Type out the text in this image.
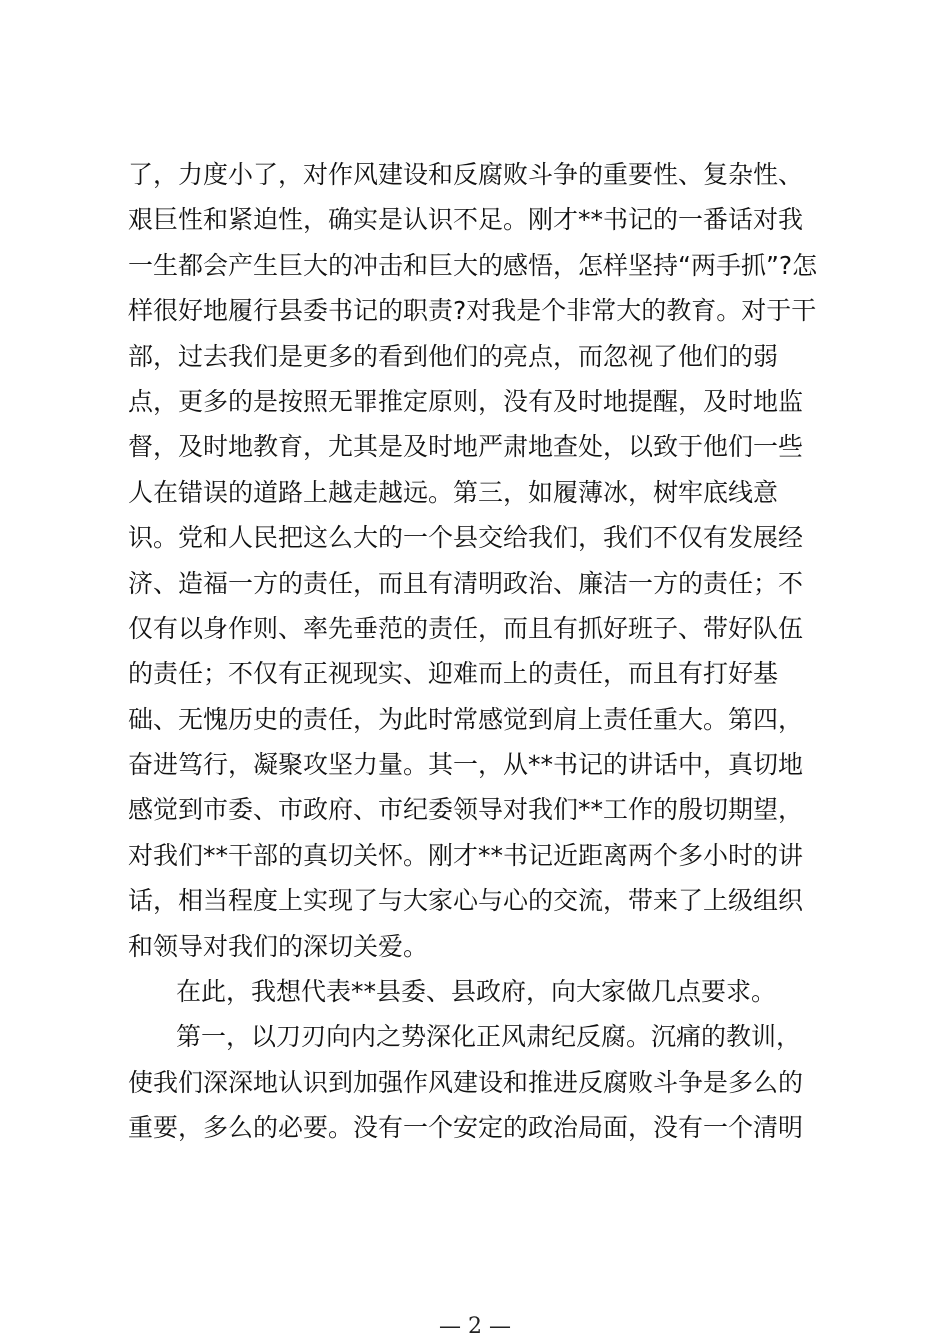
了，力度小了，对作风建设和反腐败斗争的重要性、复杂性、
艰巨性和紧迫性，确实是认识不足。刚才**书记的一番话对我
一生都会产生巨大的冲击和巨大的感悟，怎样坚持“两手抓”?怎
样很好地履行县委书记的职责?对我是个非常大的教育。对于干
部，过去我们是更多的看到他们的亮点，而忽视了他们的弱
点，更多的是按照无罪推定原则，没有及时地提醒，及时地监
督，及时地教育，尤其是及时地严肃地查处，以致于他们一些
人在错误的道路上越走越远。第三，如履薄冰，树牢底线意
识。党和人民把这么大的一个县交给我们，我们不仅有发展经
济、造福一方的责任，而且有清明政治、廉洁一方的责任；不
仅有以身作则、率先垂范的责任，而且有抓好班子、带好队伍
的责任；不仅有正视现实、迎难而上的责任，而且有打好基
础、无愧历史的责任，为此时常感觉到肩上责任重大。第四，
奋进笃行，凝聚攻坚力量。其一，从**书记的讲话中，真切地
感觉到市委、市政府、市纪委领导对我们**工作的殷切期望，
对我们**干部的真切关怀。刚才**书记近距离两个多小时的讲
话，相当程度上实现了与大家心与心的交流，带来了上级组织
和领导对我们的深切关爱。
在此，我想代表**县委、县政府，向大家做几点要求。
第一，以刀刃向内之势深化正风肃纪反腐。沉痛的教训，
使我们深深地认识到加强作风建设和推进反腐败斗争是多么的
重要，多么的必要。没有一个安定的政治局面，没有一个清明
— 2 —
